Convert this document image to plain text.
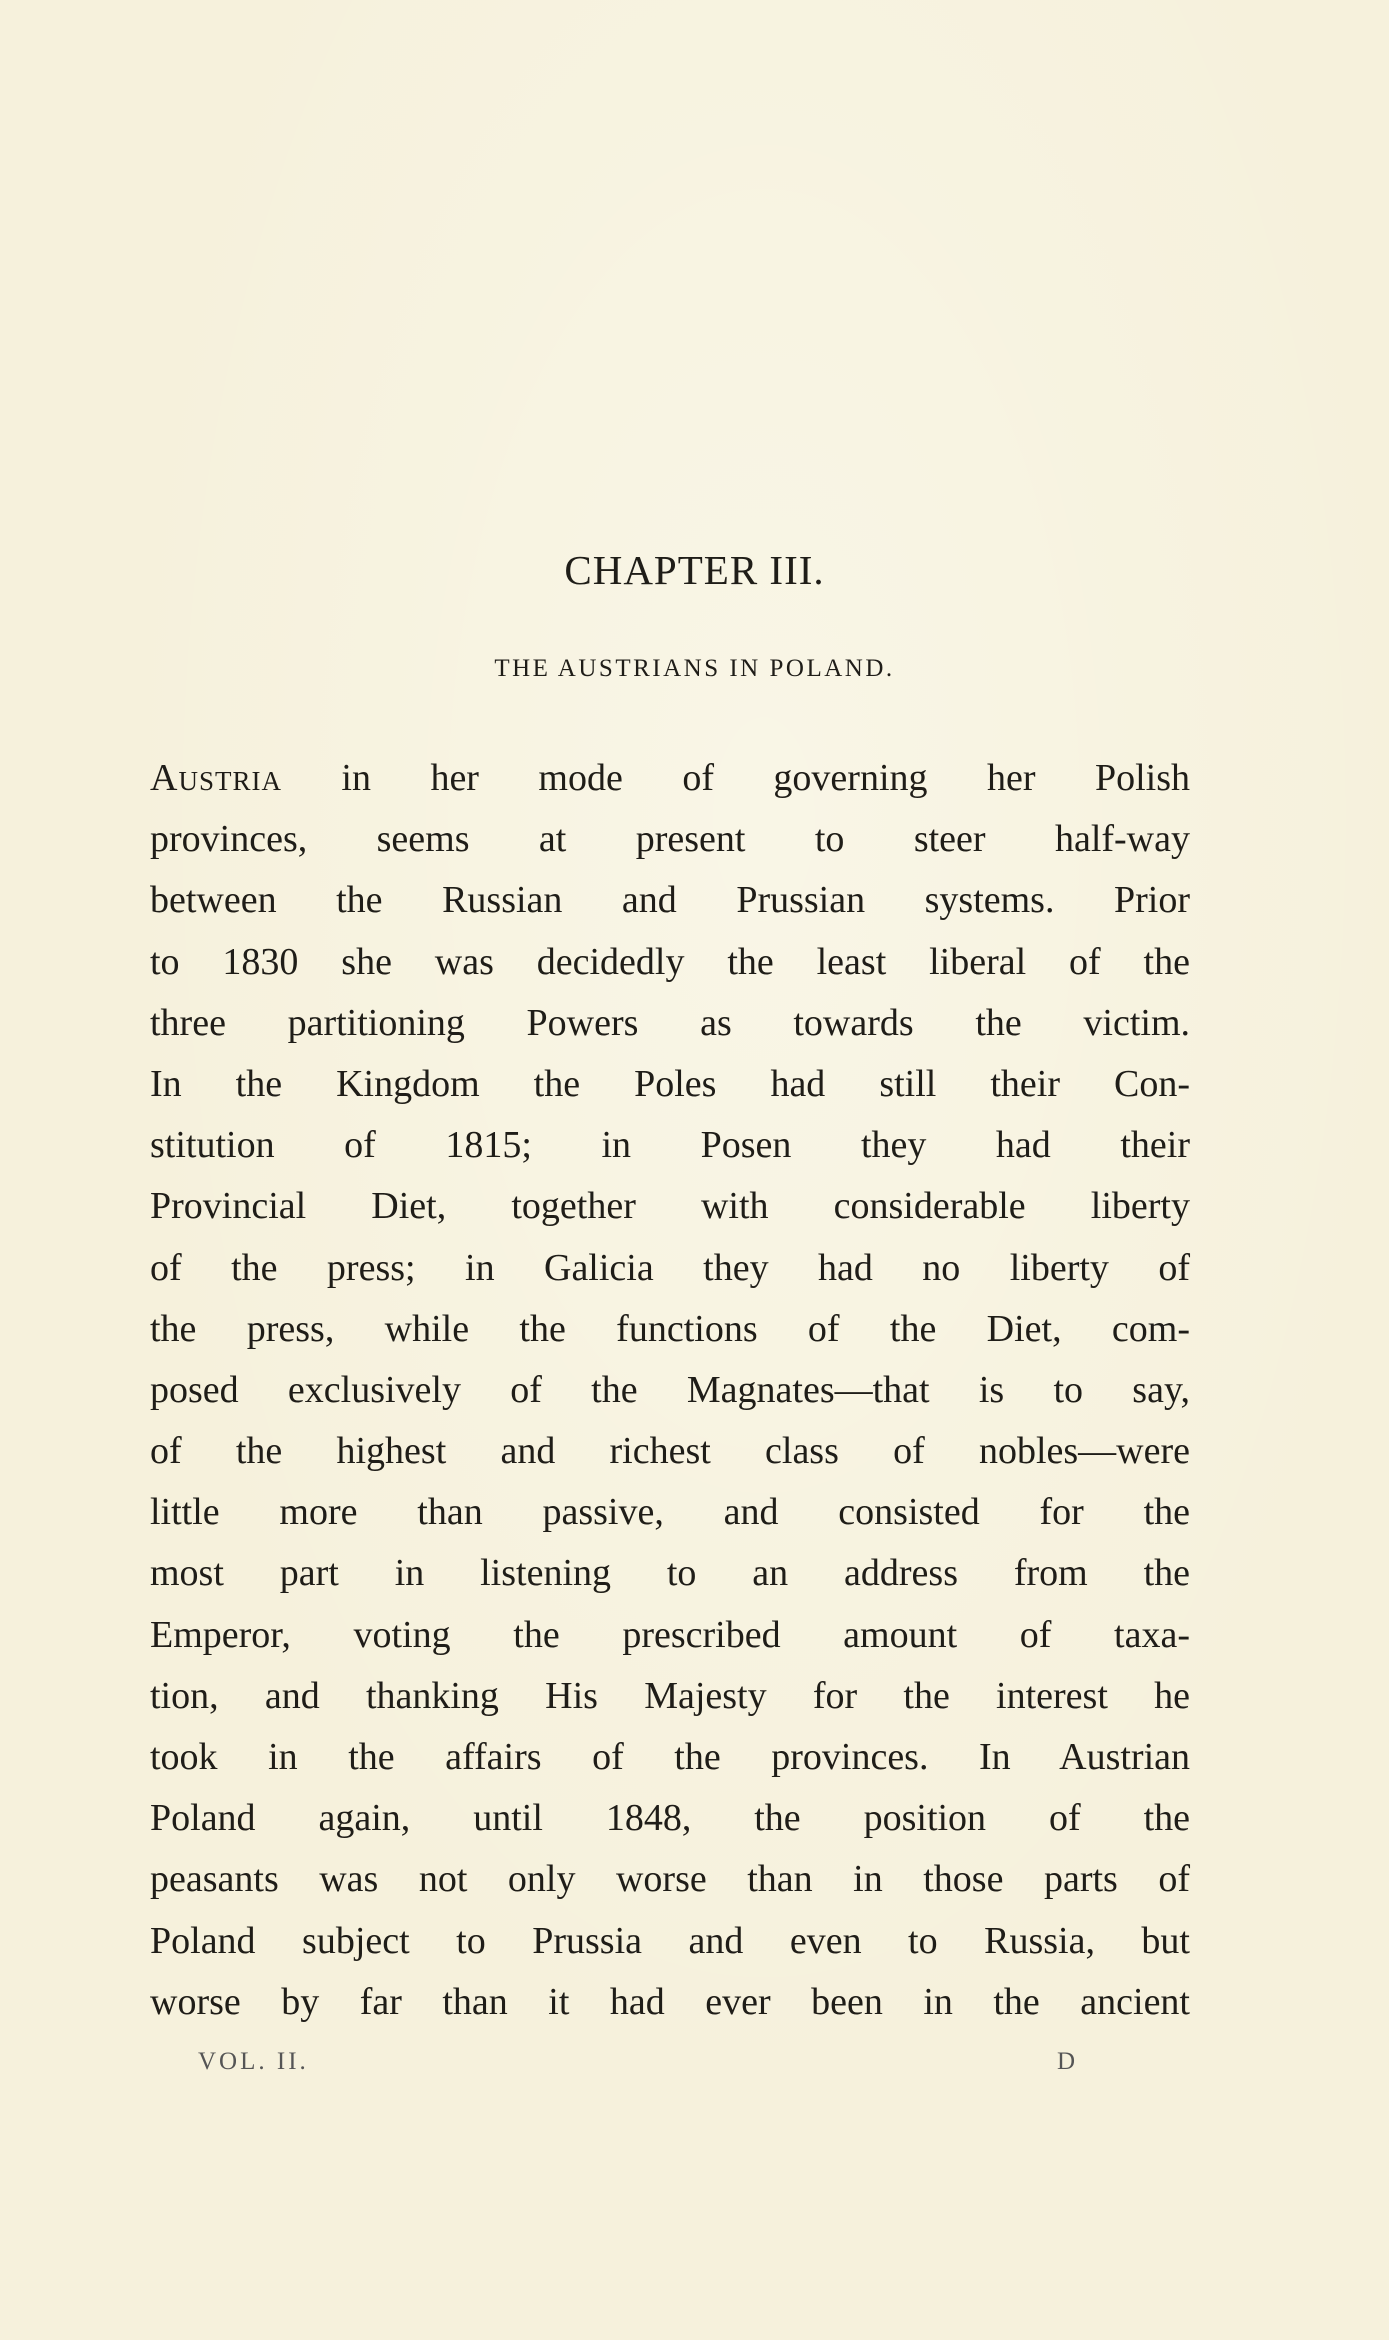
CHAPTER III.
THE AUSTRIANS IN POLAND.
Austria in her mode of governing her Polish
provinces, seems at present to steer half-way
between the Russian and Prussian systems. Prior
to 1830 she was decidedly the least liberal of the
three partitioning Powers as towards the victim.
In the Kingdom the Poles had still their Con-
stitution of 1815; in Posen they had their
Provincial Diet, together with considerable liberty
of the press; in Galicia they had no liberty of
the press, while the functions of the Diet, com-
posed exclusively of the Magnates—that is to say,
of the highest and richest class of nobles—were
little more than passive, and consisted for the
most part in listening to an address from the
Emperor, voting the prescribed amount of taxa-
tion, and thanking His Majesty for the interest he
took in the affairs of the provinces. In Austrian
Poland again, until 1848, the position of the
peasants was not only worse than in those parts of
Poland subject to Prussia and even to Russia, but
worse by far than it had ever been in the ancient
VOL. II.	D
